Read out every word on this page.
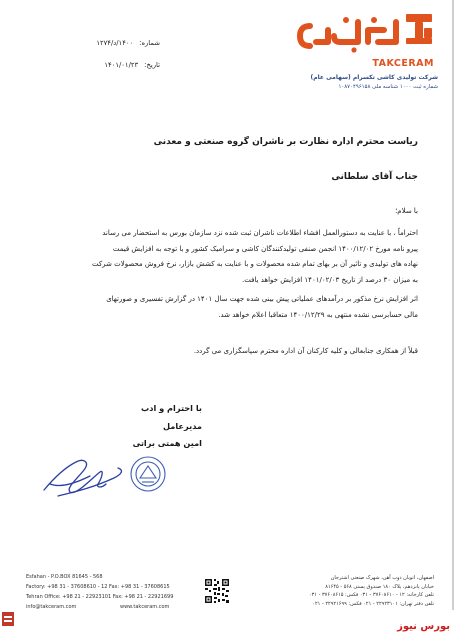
شماره:
۱۴۰۰/د/۱۲۷۴
تاریخ:
۱۴۰۱/۰۱/۲۳	TAKCERAM
شرکت تولیدی کاشی تکسرام (سهامی عام)
شماره ثبت ۱۰۰۰ شناسه ملی ۱۰۸۷۰۴۹۶۱۵۸
ریاست محترم اداره نظارت بر ناشران گروه صنعتی و معدنی
جناب آقای سلطانی
با سلام؛

احتراماً ، با عنایت به دستورالعمل افشاء اطلاعات ناشران ثبت شده نزد سازمان بورس به استحضار می رساند

پیرو نامه مورخ ۱۴۰۰/۱۲/۰۲ انجمن صنفی تولیدکنندگان کاشی و سرامیک کشور و با توجه به افزایش قیمت

نهاده های تولیدی و تاثیر آن بر بهای تمام شده محصولات و با عنایت به کشش بازار، نرخ فروش محصولات شرکت

به میزان ۳۰ درصد از تاریخ ۱۴۰۱/۰۲/۰۳ افزایش خواهد یافت.

اثر افزایش نرخ مذکور بر درآمدهای عملیاتی پیش بینی شده جهت سال ۱۴۰۱ در گزارش تفسیری و صورتهای

مالی حسابرسی نشده منتهی به ۱۴۰۰/۱۲/۲۹ متعاقبا اعلام خواهد شد.

قبلاً از همکاری جنابعالی و کلیه کارکنان آن اداره محترم سپاسگزاری می گردد.
با احترام و ادب
مدیرعامل
امین همتی براتی
Esfahan - P.O.BOX 81645 - 568
Factory: +98 31 - 37608610 - 12 Fax: +98 31 - 37608615
Tehran Office: +98 21 - 22923101 Fax: +98 21 - 22921699
info@takceram.com	www.takceram.com
اصفهان، اتوبان ذوب آهن، شهرک صنعتی اشترجان
خیابان پانزدهم، پلاک ۱۸۰ صندوق پستی ۵۶۸ - ۸۱۶۴۵
تلفن کارخانه: ۱۲ - ۳۷۶۰۸۶۱۰ - ۰۳۱ فکس: ۳۷۶۰۸۶۱۵ - ۰۳۱
تلفن دفتر تهران: ۲۲۹۲۳۱۰۱ - ۰۲۱ فکس: ۲۲۹۲۱۶۹۹ - ۰۲۱
بورس نیوز
